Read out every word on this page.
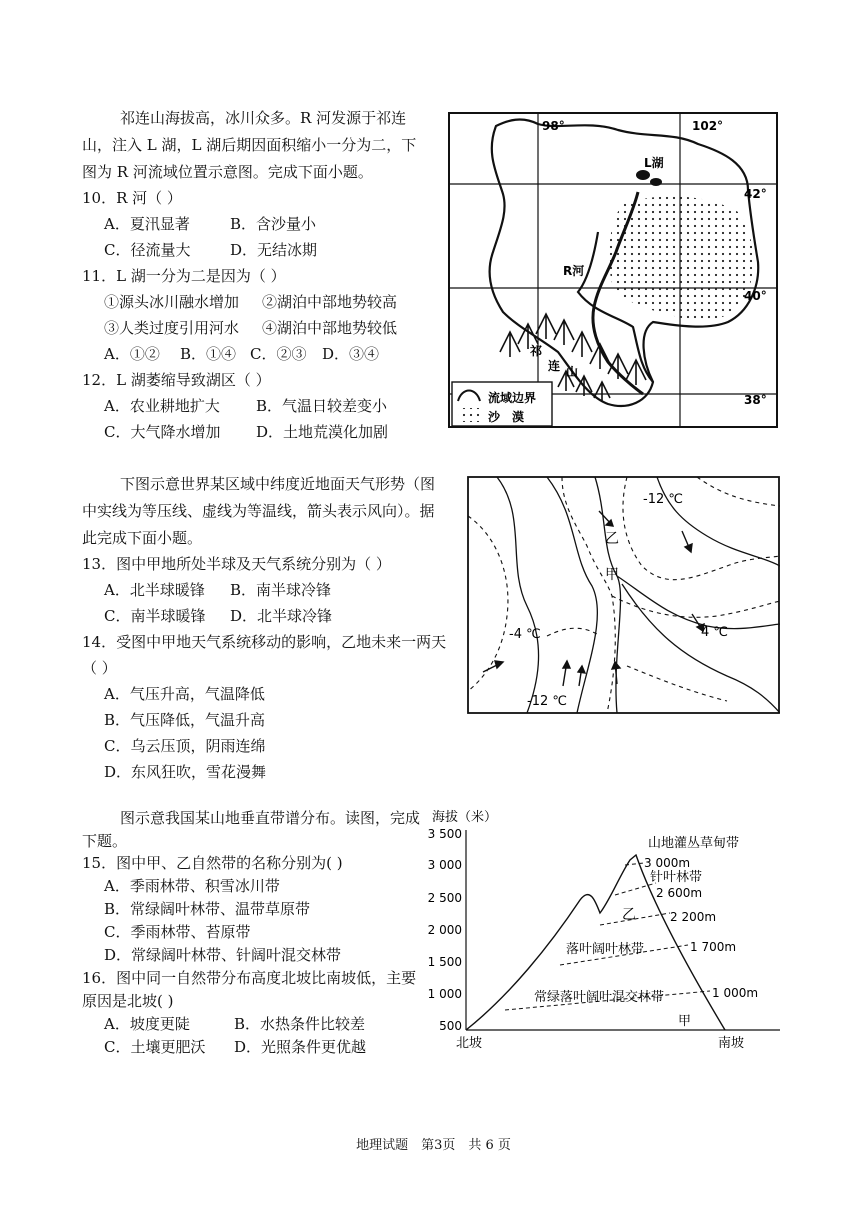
祁连山海拔高，冰川众多。R 河发源于祁连
山，注入 L 湖，L 湖后期因面积缩小一分为二，下
图为 R 河流域位置示意图。完成下面小题。
10．R 河（ ）
A．夏汛显著	B．含沙量小
C．径流量大	D．无结冰期
11．L 湖一分为二是因为（ ）
①源头冰川融水增加 ②湖泊中部地势较高
③人类过度引用河水 ④湖泊中部地势较低
A．①② B．①④ C．②③ D．③④
12．L 湖萎缩导致湖区（ ）
A．农业耕地扩大 B．气温日较差变小
C．大气降水增加 D．土地荒漠化加剧
98°	102°
42°
40°
38°
L湖
R河
祁
连 山
流域边界
沙　漠
下图示意世界某区域中纬度近地面天气形势（图
中实线为等压线、虚线为等温线，箭头表示风向）。据
此完成下面小题。
13．图中甲地所处半球及天气系统分别为（ ）
A．北半球暖锋 B．南半球冷锋
C．南半球暖锋 D．北半球冷锋
14．受图中甲地天气系统移动的影响，乙地未来一两天
（ ）
A．气压升高，气温降低
B．气压降低，气温升高
C．乌云压顶，阴雨连绵
D．东风狂吹，雪花漫舞
-12 ℃
-4 ℃	4 ℃
-12 ℃
乙
甲
图示意我国某山地垂直带谱分布。读图，完成
下题。
15．图中甲、乙自然带的名称分别为( )
A．季雨林带、积雪冰川带
B．常绿阔叶林带、温带草原带
C．季雨林带、苔原带
D．常绿阔叶林带、针阔叶混交林带
16．图中同一自然带分布高度北坡比南坡低，主要
原因是北坡( )
A．坡度更陡	B．水热条件比较差
C．土壤更肥沃 D．光照条件更优越
海拔（米）
3 500
3 000
2 500
2 000
1 500
1 000
500
山地灌丛草甸带
针叶林带
乙
落叶阔叶林带
常绿落叶阔叶混交林带
甲
3 000m
2 600m
2 200m
1 700m
1 000m
北坡	南坡
地理试题　第3页　共 6 页
